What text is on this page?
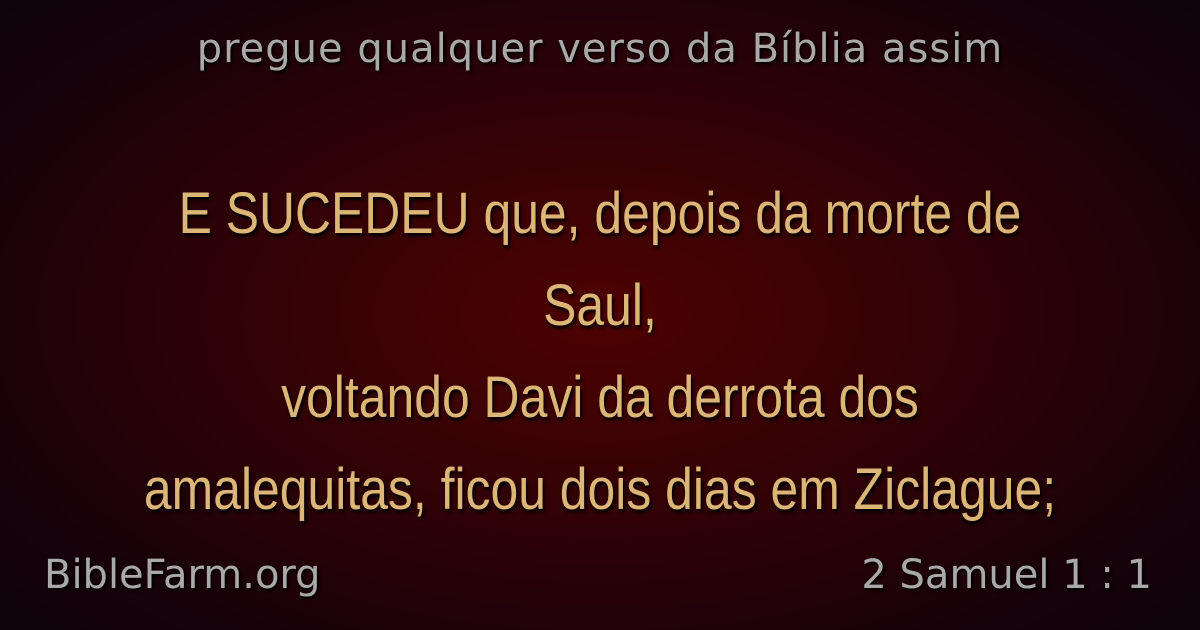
pregue qualquer verso da Bíblia assim
E SUCEDEU que, depois da morte de Saul,
voltando Davi da derrota dos
amalequitas, ficou dois dias em Ziclague;
BibleFarm.org	2 Samuel 1 : 1
